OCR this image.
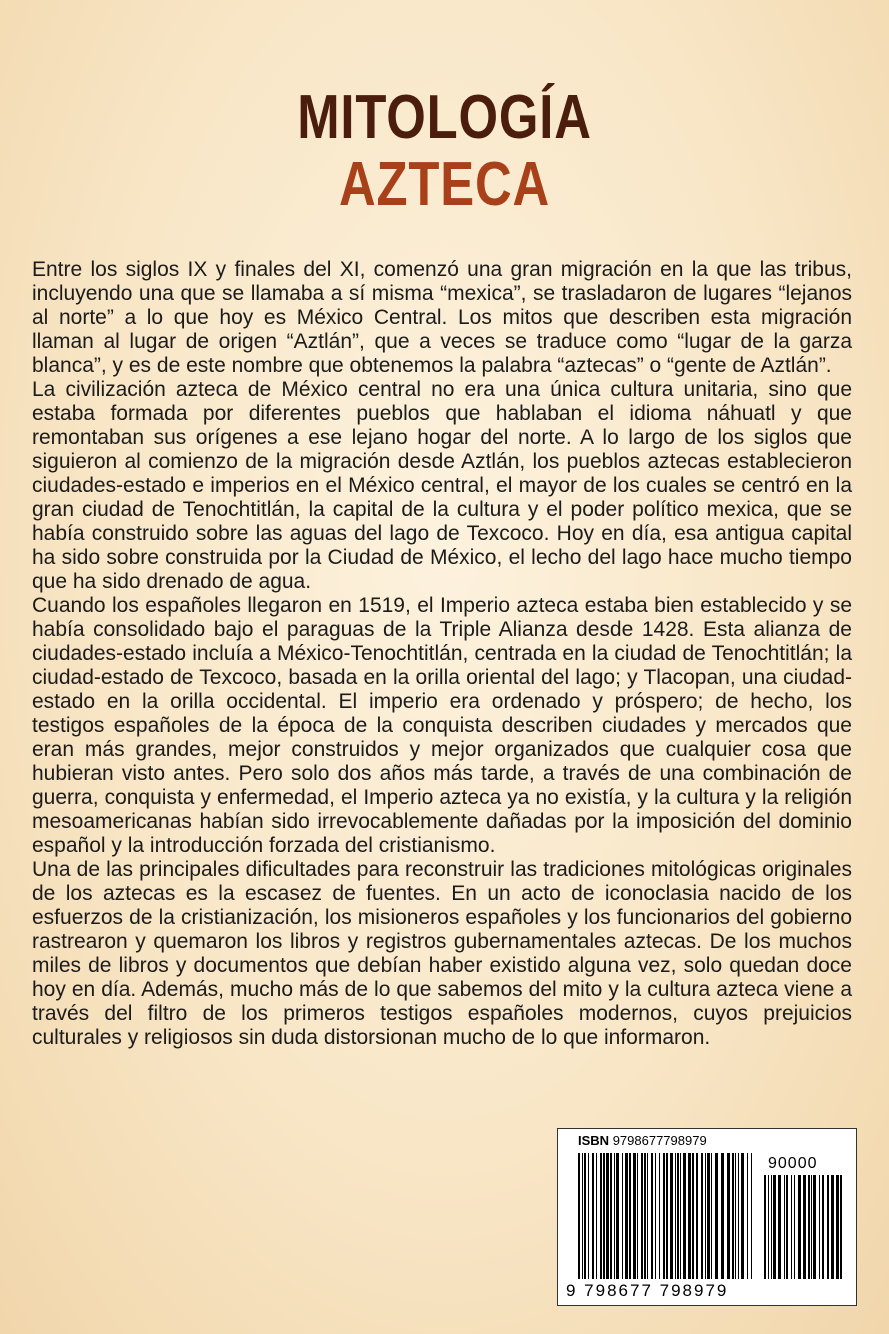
MITOLOGÍA
AZTECA

Entre los siglos IX y finales del XI, comenzó una gran migración en la que las tribus, incluyendo una que se llamaba a sí misma “mexica”, se trasladaron de lugares “lejanos al norte” a lo que hoy es México Central. Los mitos que describen esta migración llaman al lugar de origen “Aztlán”, que a veces se traduce como “lugar de la garza blanca”, y es de este nombre que obtenemos la palabra “aztecas” o “gente de Aztlán”.

La civilización azteca de México central no era una única cultura unitaria, sino que estaba formada por diferentes pueblos que hablaban el idioma náhuatl y que remontaban sus orígenes a ese lejano hogar del norte. A lo largo de los siglos que siguieron al comienzo de la migración desde Aztlán, los pueblos aztecas establecieron ciudades-estado e imperios en el México central, el mayor de los cuales se centró en la gran ciudad de Tenochtitlán, la capital de la cultura y el poder político mexica, que se había construido sobre las aguas del lago de Texcoco. Hoy en día, esa antigua capital ha sido sobre construida por la Ciudad de México, el lecho del lago hace mucho tiempo que ha sido drenado de agua.

Cuando los españoles llegaron en 1519, el Imperio azteca estaba bien establecido y se había consolidado bajo el paraguas de la Triple Alianza desde 1428. Esta alianza de ciudades-estado incluía a México-Tenochtitlán, centrada en la ciudad de Tenochtitlán; la ciudad-estado de Texcoco, basada en la orilla oriental del lago; y Tlacopan, una ciudad-estado en la orilla occidental. El imperio era ordenado y próspero; de hecho, los testigos españoles de la época de la conquista describen ciudades y mercados que eran más grandes, mejor construidos y mejor organizados que cualquier cosa que hubieran visto antes. Pero solo dos años más tarde, a través de una combinación de guerra, conquista y enfermedad, el Imperio azteca ya no existía, y la cultura y la religión mesoamericanas habían sido irrevocablemente dañadas por la imposición del dominio español y la introducción forzada del cristianismo.

Una de las principales dificultades para reconstruir las tradiciones mitológicas originales de los aztecas es la escasez de fuentes. En un acto de iconoclasia nacido de los esfuerzos de la cristianización, los misioneros españoles y los funcionarios del gobierno rastrearon y quemaron los libros y registros gubernamentales aztecas. De los muchos miles de libros y documentos que debían haber existido alguna vez, solo quedan doce hoy en día. Además, mucho más de lo que sabemos del mito y la cultura azteca viene a través del filtro de los primeros testigos españoles modernos, cuyos prejuicios culturales y religiosos sin duda distorsionan mucho de lo que informaron.

ISBN 9798677798979
90000
9 798677 798979
